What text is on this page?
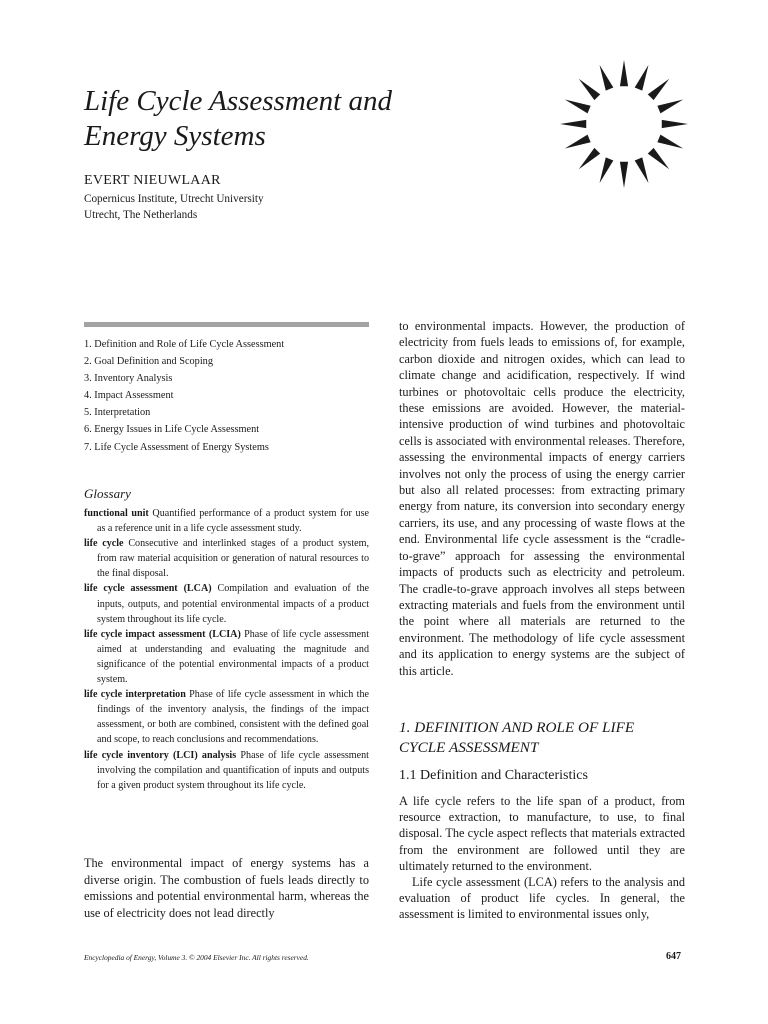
Life Cycle Assessment and
Energy Systems
EVERT NIEUWLAAR
Copernicus Institute, Utrecht University
Utrecht, The Netherlands
1. Definition and Role of Life Cycle Assessment
2. Goal Definition and Scoping
3. Inventory Analysis
4. Impact Assessment
5. Interpretation
6. Energy Issues in Life Cycle Assessment
7. Life Cycle Assessment of Energy Systems
Glossary
functional unit Quantified performance of a product system for use as a reference unit in a life cycle assessment study.
life cycle Consecutive and interlinked stages of a product system, from raw material acquisition or generation of natural resources to the final disposal.
life cycle assessment (LCA) Compilation and evaluation of the inputs, outputs, and potential environmental impacts of a product system throughout its life cycle.
life cycle impact assessment (LCIA) Phase of life cycle assessment aimed at understanding and evaluating the magnitude and significance of the potential environmental impacts of a product system.
life cycle interpretation Phase of life cycle assessment in which the findings of the inventory analysis, the findings of the impact assessment, or both are combined, consistent with the defined goal and scope, to reach conclusions and recommendations.
life cycle inventory (LCI) analysis Phase of life cycle assessment involving the compilation and quantification of inputs and outputs for a given product system throughout its life cycle.

The environmental impact of energy systems has a diverse origin. The combustion of fuels leads directly to emissions and potential environmental harm, whereas the use of electricity does not lead directly

to environmental impacts. However, the production of electricity from fuels leads to emissions of, for example, carbon dioxide and nitrogen oxides, which can lead to climate change and acidification, respectively. If wind turbines or photovoltaic cells produce the electricity, these emissions are avoided. However, the material-intensive production of wind turbines and photovoltaic cells is associated with environmental releases. Therefore, assessing the environmental impacts of energy carriers involves not only the process of using the energy carrier but also all related processes: from extracting primary energy from nature, its conversion into secondary energy carriers, its use, and any processing of waste flows at the end. Environmental life cycle assessment is the “cradle-to-grave” approach for assessing the environmental impacts of products such as electricity and petroleum. The cradle-to-grave approach involves all steps between extracting materials and fuels from the environment until the point where all materials are returned to the environment. The methodology of life cycle assessment and its application to energy systems are the subject of this article.

1. DEFINITION AND ROLE OF LIFE
CYCLE ASSESSMENT
1.1 Definition and Characteristics

A life cycle refers to the life span of a product, from resource extraction, to manufacture, to use, to final disposal. The cycle aspect reflects that materials extracted from the environment are followed until they are ultimately returned to the environment.

Life cycle assessment (LCA) refers to the analysis and evaluation of product life cycles. In general, the assessment is limited to environmental issues only,

Encyclopedia of Energy, Volume 3. © 2004 Elsevier Inc. All rights reserved.	647
